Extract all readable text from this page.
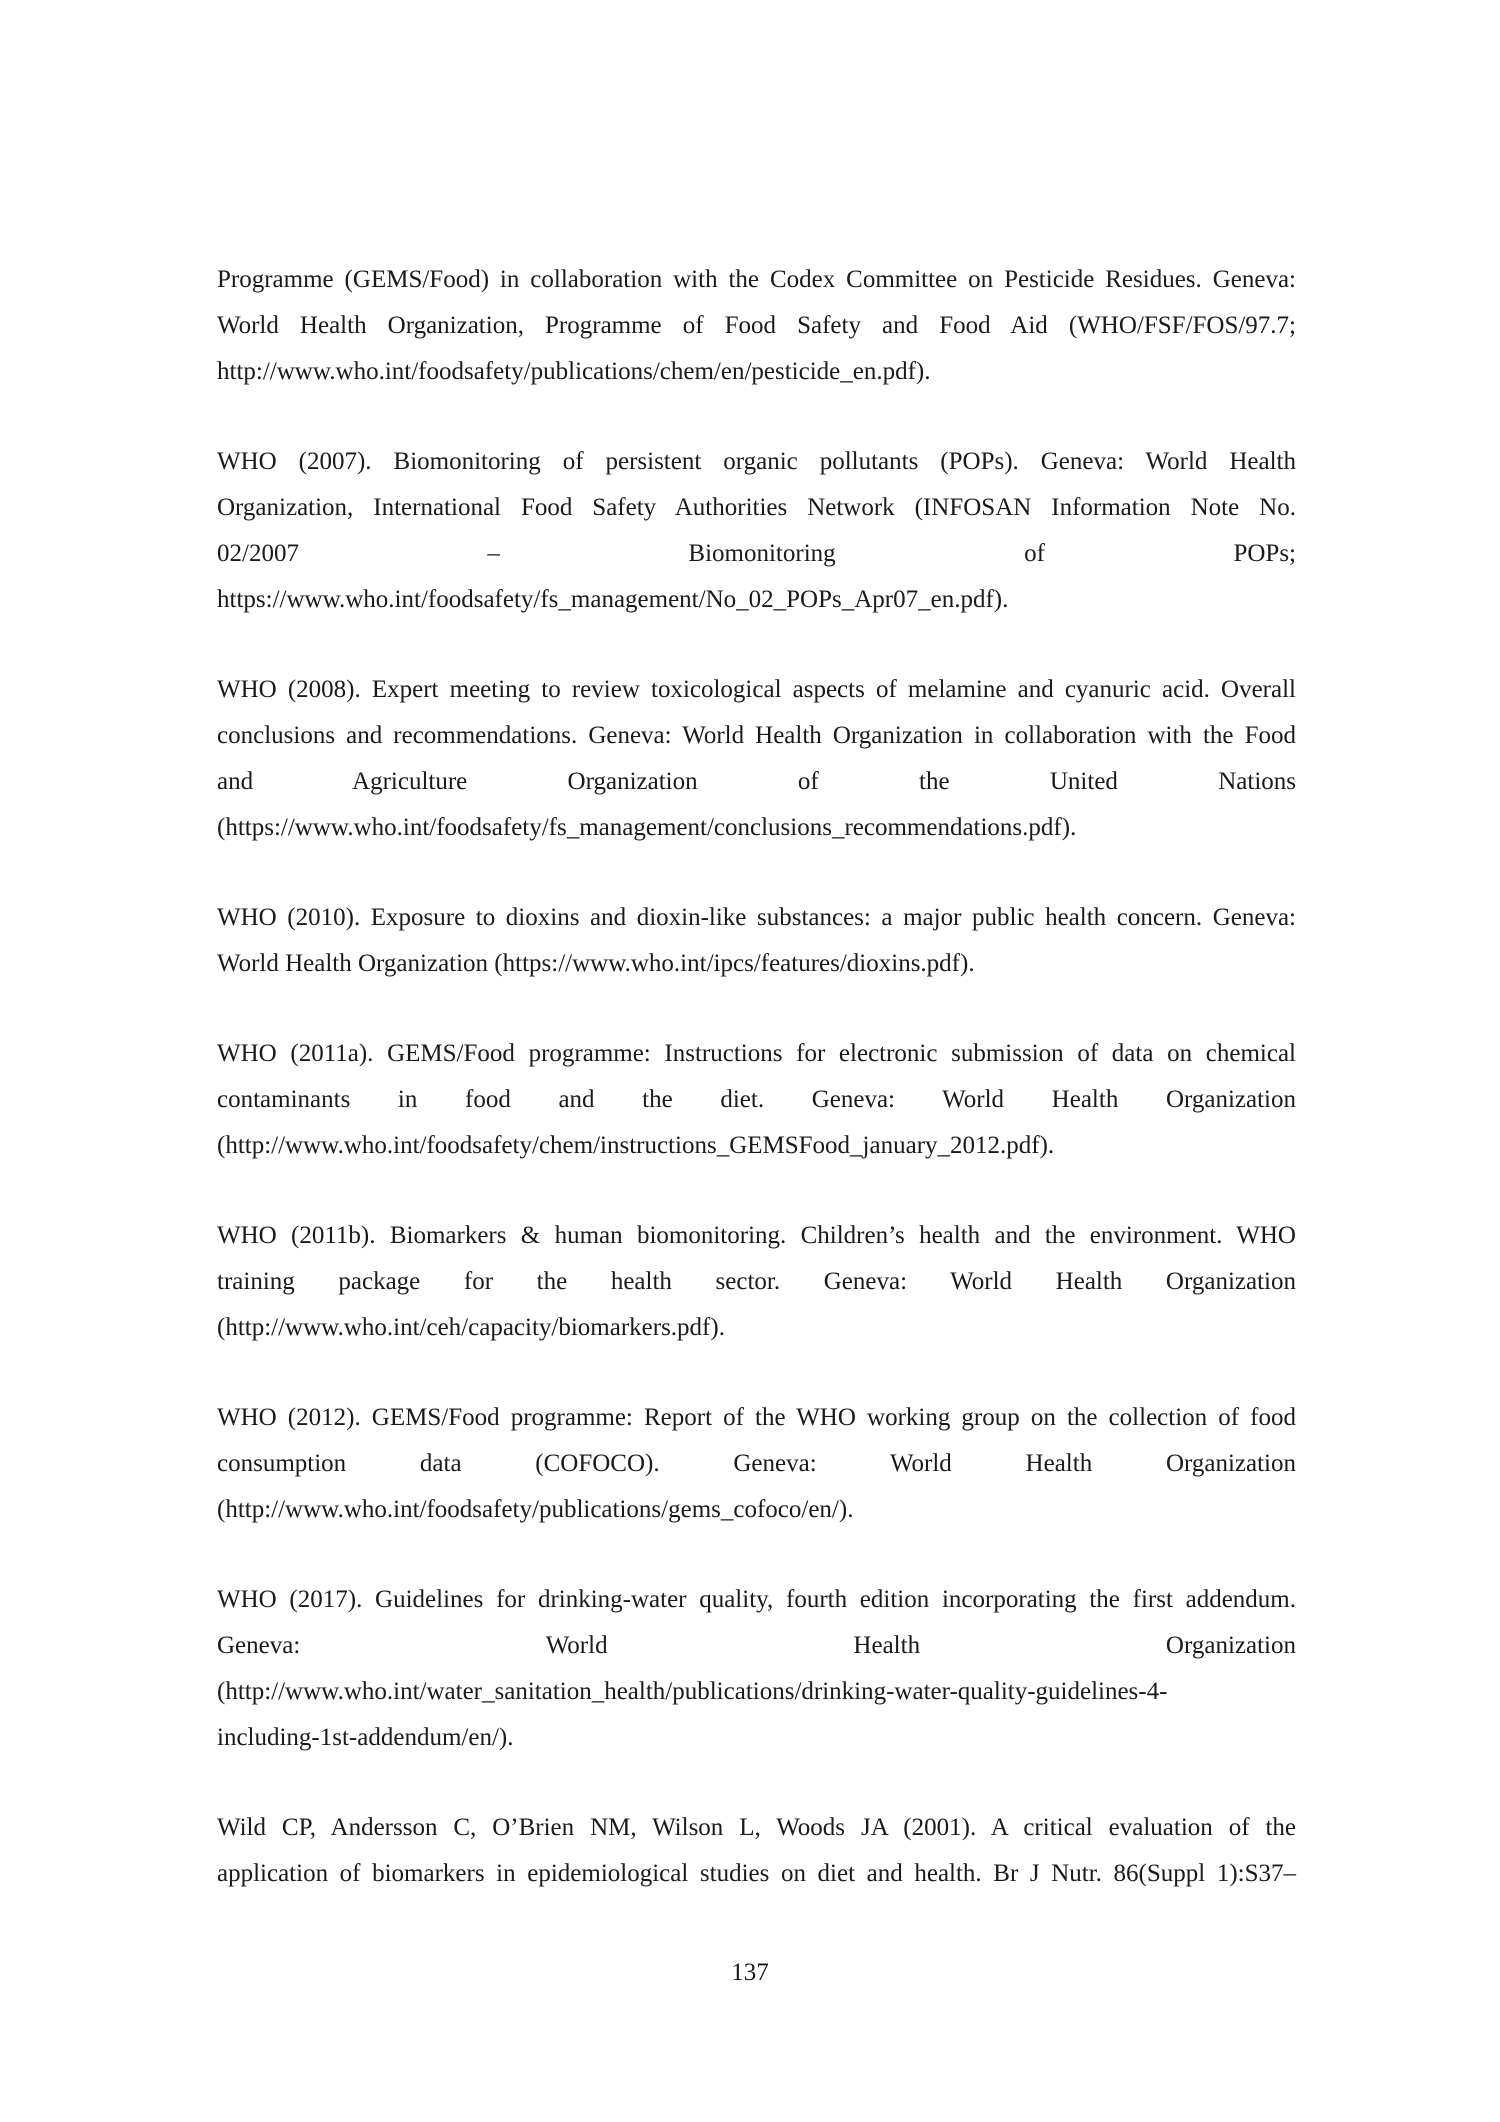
Programme (GEMS/Food) in collaboration with the Codex Committee on Pesticide Residues. Geneva:
World Health Organization, Programme of Food Safety and Food Aid (WHO/FSF/FOS/97.7;
http://www.who.int/foodsafety/publications/chem/en/pesticide_en.pdf).

WHO (2007). Biomonitoring of persistent organic pollutants (POPs). Geneva: World Health
Organization, International Food Safety Authorities Network (INFOSAN Information Note No.
02/2007 – Biomonitoring of POPs;
https://www.who.int/foodsafety/fs_management/No_02_POPs_Apr07_en.pdf).

WHO (2008). Expert meeting to review toxicological aspects of melamine and cyanuric acid. Overall
conclusions and recommendations. Geneva: World Health Organization in collaboration with the Food
and Agriculture Organization of the United Nations
(https://www.who.int/foodsafety/fs_management/conclusions_recommendations.pdf).

WHO (2010). Exposure to dioxins and dioxin-like substances: a major public health concern. Geneva:
World Health Organization (https://www.who.int/ipcs/features/dioxins.pdf).

WHO (2011a). GEMS/Food programme: Instructions for electronic submission of data on chemical
contaminants in food and the diet. Geneva: World Health Organization
(http://www.who.int/foodsafety/chem/instructions_GEMSFood_january_2012.pdf).

WHO (2011b). Biomarkers & human biomonitoring. Children’s health and the environment. WHO
training package for the health sector. Geneva: World Health Organization
(http://www.who.int/ceh/capacity/biomarkers.pdf).

WHO (2012). GEMS/Food programme: Report of the WHO working group on the collection of food
consumption data (COFOCO). Geneva: World Health Organization
(http://www.who.int/foodsafety/publications/gems_cofoco/en/).

WHO (2017). Guidelines for drinking-water quality, fourth edition incorporating the first addendum.
Geneva: World Health Organization
(http://www.who.int/water_sanitation_health/publications/drinking-water-quality-guidelines-4-
including-1st-addendum/en/).

Wild CP, Andersson C, O’Brien NM, Wilson L, Woods JA (2001). A critical evaluation of the
application of biomarkers in epidemiological studies on diet and health. Br J Nutr. 86(Suppl 1):S37–

137
